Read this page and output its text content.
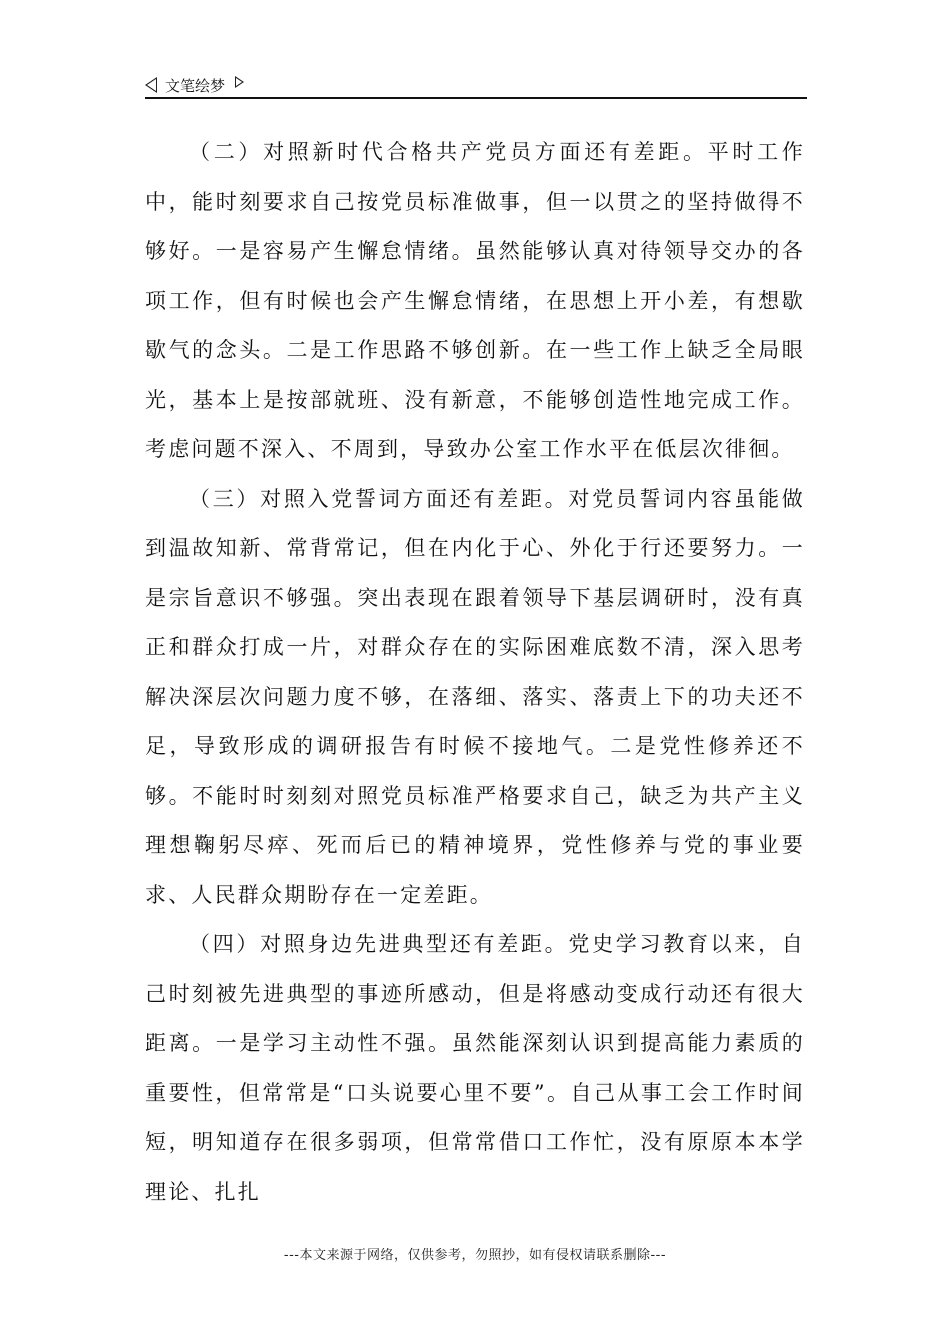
文笔绘梦

（二）对照新时代合格共产党员方面还有差距。平时工作中，能时刻要求自己按党员标准做事，但一以贯之的坚持做得不够好。一是容易产生懈怠情绪。虽然能够认真对待领导交办的各项工作，但有时候也会产生懈怠情绪，在思想上开小差，有想歇歇气的念头。二是工作思路不够创新。在一些工作上缺乏全局眼光，基本上是按部就班、没有新意，不能够创造性地完成工作。考虑问题不深入、不周到，导致办公室工作水平在低层次徘徊。

（三）对照入党誓词方面还有差距。对党员誓词内容虽能做到温故知新、常背常记，但在内化于心、外化于行还要努力。一是宗旨意识不够强。突出表现在跟着领导下基层调研时，没有真正和群众打成一片，对群众存在的实际困难底数不清，深入思考解决深层次问题力度不够，在落细、落实、落责上下的功夫还不足，导致形成的调研报告有时候不接地气。二是党性修养还不够。不能时时刻刻对照党员标准严格要求自己，缺乏为共产主义理想鞠躬尽瘁、死而后已的精神境界，党性修养与党的事业要求、人民群众期盼存在一定差距。

（四）对照身边先进典型还有差距。党史学习教育以来，自己时刻被先进典型的事迹所感动，但是将感动变成行动还有很大距离。一是学习主动性不强。虽然能深刻认识到提高能力素质的重要性，但常常是“口头说要心里不要”。自己从事工会工作时间短，明知道存在很多弱项，但常常借口工作忙，没有原原本本学理论、扎扎

---本文来源于网络，仅供参考，勿照抄，如有侵权请联系删除---
